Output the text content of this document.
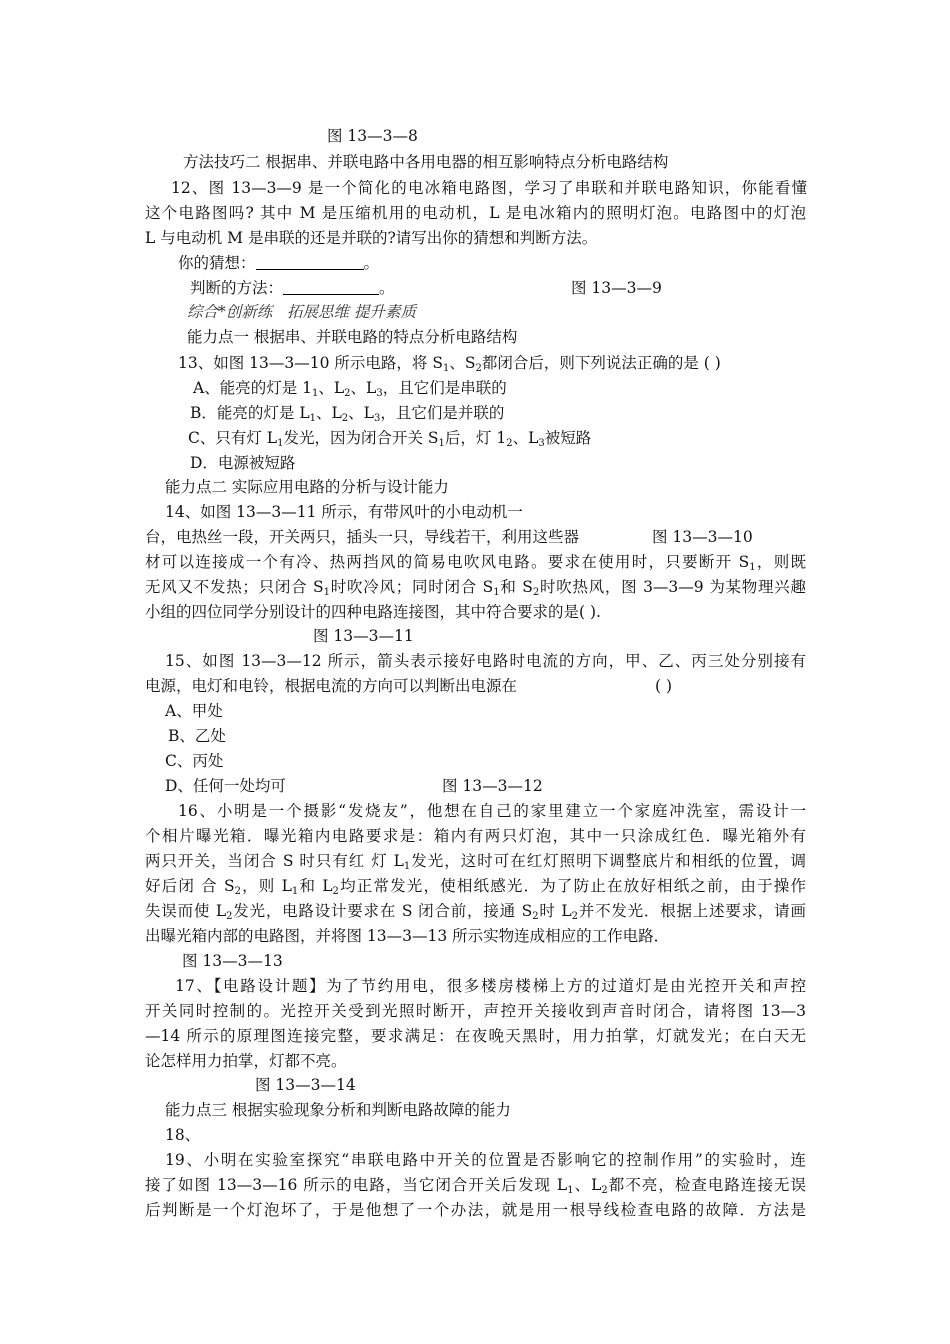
图 13—3—8
方法技巧二 根据串、并联电路中各用电器的相互影响特点分析电路结构
12、图 13—3—9 是一个简化的电冰箱电路图，学习了串联和并联电路知识，你能看懂
这个电路图吗? 其中 M 是压缩机用的电动机，L 是电冰箱内的照明灯泡。电路图中的灯泡
L 与电动机 M 是串联的还是并联的?请写出你的猜想和判断方法。
你的猜想：	。
判断的方法：	。	图 13—3—9
综合*创新练 拓展思维 提升素质
能力点一 根据串、并联电路的特点分析电路结构
13、如图 13—3—10 所示电路，将 $S_1$、$S_2$都闭合后，则下列说法正确的是 ( )
A、能亮的灯是 $1_1$、$L_2$、$L_3$，且它们是串联的
B．能亮的灯是 $L_1$、$L_2$、$L_3$，且它们是并联的
C、只有灯 $L_1$发光，因为闭合开关 $S_1$后，灯 $1_2$、$L_3$被短路
D．电源被短路
能力点二 实际应用电路的分析与设计能力
14、如图 13—3—11 所示，有带风叶的小电动机一
台，电热丝一段，开关两只，插头一只，导线若干，利用这些器	图 13—3—10
材可以连接成一个有冷、热两挡风的简易电吹风电路。要求在使用时，只要断开 $S_1$，则既
无风又不发热；只闭合 $S_1$时吹冷风；同时闭合 $S_1$和 $S_2$时吹热风，图 3—3—9 为某物理兴趣
小组的四位同学分别设计的四种电路连接图，其中符合要求的是( ).
图 13—3—11
15、如图 13—3—12 所示，箭头表示接好电路时电流的方向，甲、乙、丙三处分别接有
电源，电灯和电铃，根据电流的方向可以判断出电源在	( )
A、甲处
B、乙处
C、丙处
D、任何一处均可	图 13—3—12
16、小明是一个摄影“发烧友”，他想在自己的家里建立一个家庭冲洗室，需设计一
个相片曝光箱．曝光箱内电路要求是：箱内有两只灯泡，其中一只涂成红色．曝光箱外有
两只开关，当闭合 S 时只有红 灯 $L_1$发光，这时可在红灯照明下调整底片和相纸的位置，调
好后闭 合 $S_2$，则 $L_1$和 $L_2$均正常发光，使相纸感光．为了防止在放好相纸之前，由于操作
失误而使 $L_2$发光，电路设计要求在 S 闭合前，接通 $S_2$时 $L_2$并不发光．根据上述要求，请画
出曝光箱内部的电路图，并将图 13—3—13 所示实物连成相应的工作电路．
图 13—3—13
17、【电路设计题】为了节约用电，很多楼房楼梯上方的过道灯是由光控开关和声控
开关同时控制的。光控开关受到光照时断开，声控开关接收到声音时闭合，请将图 13—3
—14 所示的原理图连接完整，要求满足：在夜晚天黑时，用力拍掌，灯就发光；在白天无
论怎样用力拍掌，灯都不亮。
图 13—3—14
能力点三 根据实验现象分析和判断电路故障的能力
18、
19、小明在实验室探究“串联电路中开关的位置是否影响它的控制作用”的实验时，连
接了如图 13—3—16 所示的电路，当它闭合开关后发现 $L_1$、$L_2$都不亮，检查电路连接无误
后判断是一个灯泡坏了，于是他想了一个办法，就是用一根导线检查电路的故障．方法是
